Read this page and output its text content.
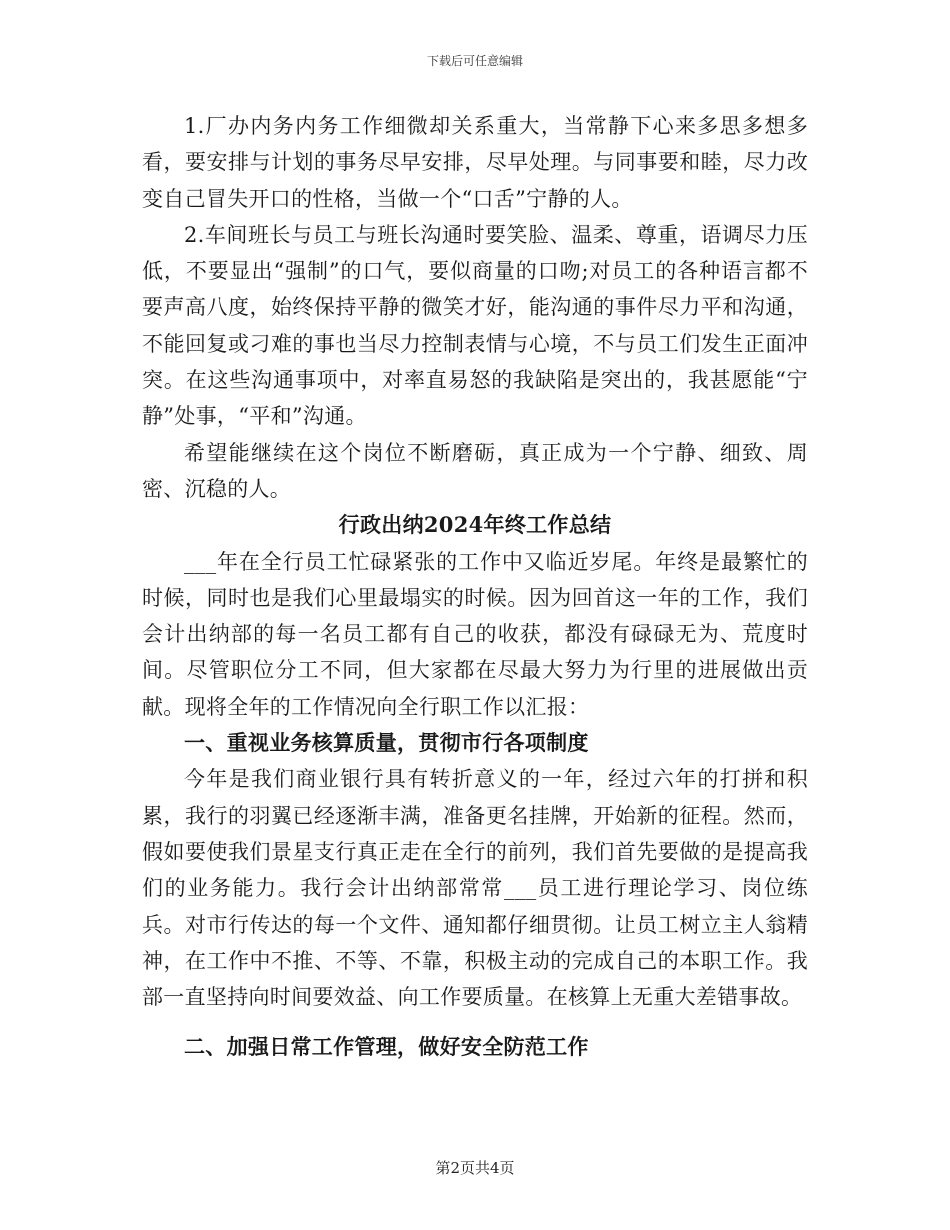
下载后可任意编辑

1.厂办内务内务工作细微却关系重大，当常静下心来多思多想多看，要安排与计划的事务尽早安排，尽早处理。与同事要和睦，尽力改变自己冒失开口的性格，当做一个“口舌”宁静的人。

2.车间班长与员工与班长沟通时要笑脸、温柔、尊重，语调尽力压低，不要显出“强制”的口气，要似商量的口吻;对员工的各种语言都不要声高八度，始终保持平静的微笑才好，能沟通的事件尽力平和沟通，不能回复或刁难的事也当尽力控制表情与心境，不与员工们发生正面冲突。在这些沟通事项中，对率直易怒的我缺陷是突出的，我甚愿能“宁静”处事，“平和”沟通。

希望能继续在这个岗位不断磨砺，真正成为一个宁静、细致、周密、沉稳的人。

行政出纳2024年终工作总结

___年在全行员工忙碌紧张的工作中又临近岁尾。年终是最繁忙的时候，同时也是我们心里最塌实的时候。因为回首这一年的工作，我们会计出纳部的每一名员工都有自己的收获，都没有碌碌无为、荒度时间。尽管职位分工不同，但大家都在尽最大努力为行里的进展做出贡献。现将全年的工作情况向全行职工作以汇报：

一、重视业务核算质量，贯彻市行各项制度

今年是我们商业银行具有转折意义的一年，经过六年的打拼和积累，我行的羽翼已经逐渐丰满，准备更名挂牌，开始新的征程。然而，假如要使我们景星支行真正走在全行的前列，我们首先要做的是提高我们的业务能力。我行会计出纳部常常___员工进行理论学习、岗位练兵。对市行传达的每一个文件、通知都仔细贯彻。让员工树立主人翁精神，在工作中不推、不等、不靠，积极主动的完成自己的本职工作。我部一直坚持向时间要效益、向工作要质量。在核算上无重大差错事故。

二、加强日常工作管理，做好安全防范工作

第2页共4页
